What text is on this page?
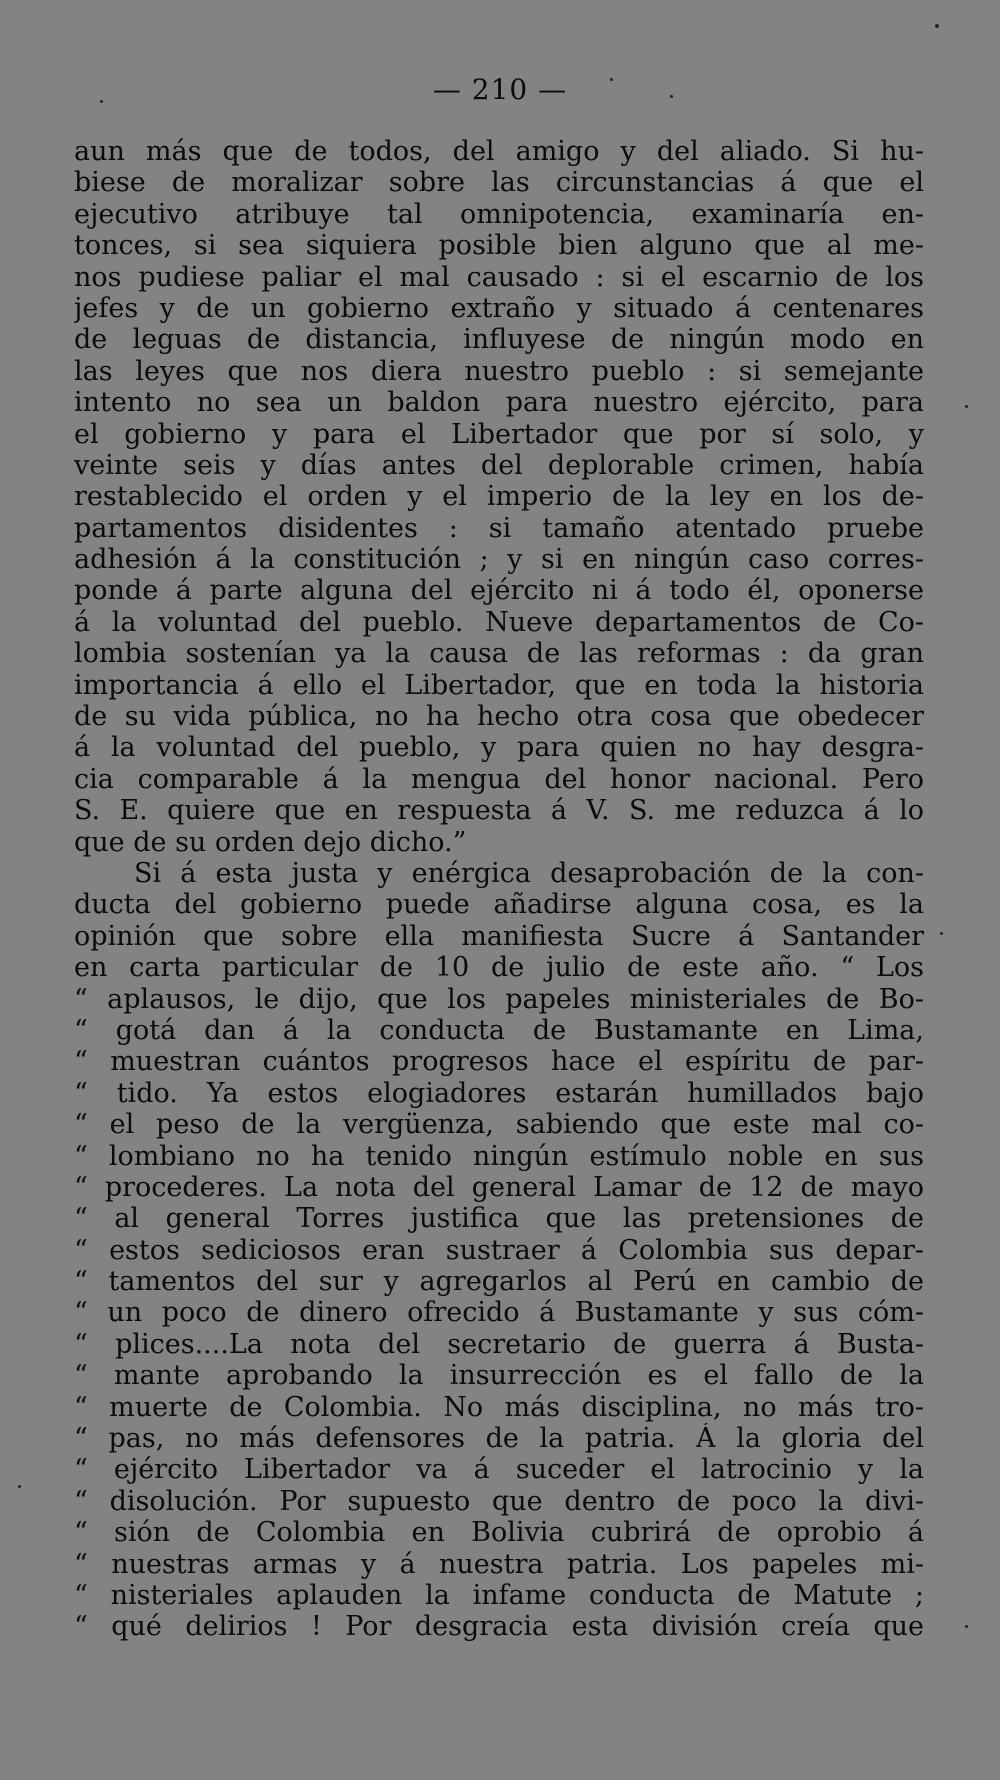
— 210 —
aun más que de todos, del amigo y del aliado. Si hu-
biese de moralizar sobre las circunstancias á que el
ejecutivo atribuye tal omnipotencia, examinaría en-
tonces, si sea siquiera posible bien alguno que al me-
nos pudiese paliar el mal causado : si el escarnio de los
jefes y de un gobierno extraño y situado á centenares
de leguas de distancia, influyese de ningún modo en
las leyes que nos diera nuestro pueblo : si semejante
intento no sea un baldon para nuestro ejército, para
el gobierno y para el Libertador que por sí solo, y
veinte seis y días antes del deplorable crimen, había
restablecido el orden y el imperio de la ley en los de-
partamentos disidentes : si tamaño atentado pruebe
adhesión á la constitución ; y si en ningún caso corres-
ponde á parte alguna del ejército ni á todo él, oponerse
á la voluntad del pueblo. Nueve departamentos de Co-
lombia sostenían ya la causa de las reformas : da gran
importancia á ello el Libertador, que en toda la historia
de su vida pública, no ha hecho otra cosa que obedecer
á la voluntad del pueblo, y para quien no hay desgra-
cia comparable á la mengua del honor nacional. Pero
S. E. quiere que en respuesta á V. S. me reduzca á lo
que de su orden dejo dicho.”
Si á esta justa y enérgica desaprobación de la con-
ducta del gobierno puede añadirse alguna cosa, es la
opinión que sobre ella manifiesta Sucre á Santander
en carta particular de 10 de julio de este año. “ Los
“ aplausos, le dijo, que los papeles ministeriales de Bo-
“ gotá dan á la conducta de Bustamante en Lima,
“ muestran cuántos progresos hace el espíritu de par-
“ tido. Ya estos elogiadores estarán humillados bajo
“ el peso de la vergüenza, sabiendo que este mal co-
“ lombiano no ha tenido ningún estímulo noble en sus
“ procederes. La nota del general Lamar de 12 de mayo
“ al general Torres justifica que las pretensiones de
“ estos sediciosos eran sustraer á Colombia sus depar-
“ tamentos del sur y agregarlos al Perú en cambio de
“ un poco de dinero ofrecido á Bustamante y sus cóm-
“ plices....La nota del secretario de guerra á Busta-
“ mante aprobando la insurrección es el fallo de la
“ muerte de Colombia. No más disciplina, no más tro-
“ pas, no más defensores de la patria. Á la gloria del
“ ejército Libertador va á suceder el latrocinio y la
“ disolución. Por supuesto que dentro de poco la divi-
“ sión de Colombia en Bolivia cubrirá de oprobio á
“ nuestras armas y á nuestra patria. Los papeles mi-
“ nisteriales aplauden la infame conducta de Matute ;
“ qué delirios ! Por desgracia esta división creía que
